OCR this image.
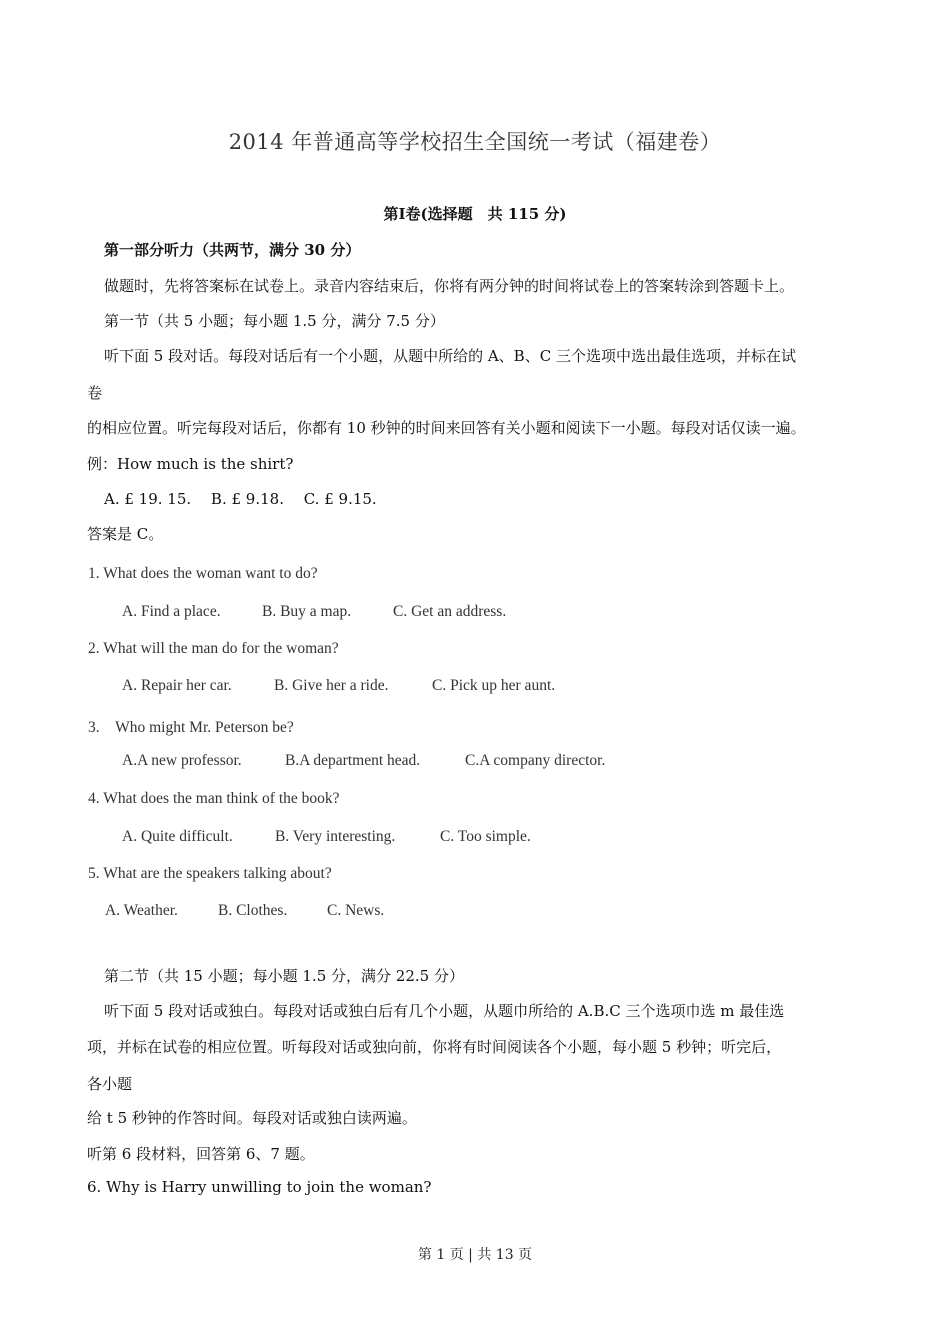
2014 年普通高等学校招生全国统一考试（福建卷）
第Ⅰ卷(选择题　共 115 分)
第一部分听力（共两节，满分 30 分）
做题时，先将答案标在试卷上。录音内容结束后，你将有两分钟的时间将试卷上的答案转涂到答题卡上。
第一节（共 5 小题；每小题 1.5 分，满分 7.5 分）
听下面 5 段对话。每段对话后有一个小题，从题中所给的 A、B、C 三个选项中选出最佳选项，并标在试
卷
的相应位置。听完每段对话后，你都有 10 秒钟的时间来回答有关小题和阅读下一小题。每段对话仅读一遍。
例：How much is the shirt?
A. £ 19. 15.　 B. £ 9.18.　 C. £ 9.15.
答案是 C。
1. What does the woman want to do?
A. Find a place.	B. Buy a map.	C. Get an address.
2. What will the man do for the woman?
A. Repair her car.	B. Give her a ride.	C. Pick up her aunt.
3.　Who might Mr. Peterson be?
A.A new professor.	B.A department head.	C.A company director.
4. What does the man think of the book?
A. Quite difficult.	B. Very interesting.	C. Too simple.
5. What are the speakers talking about?
A. Weather.	B. Clothes.	C. News.
第二节（共 15 小题；每小题 1.5 分，满分 22.5 分）
听下面 5 段对话或独白。每段对话或独白后有几个小题，从题巾所给的 A.B.C 三个选项巾选 m 最佳选
项，并标在试卷的相应位置。听每段对话或独向前，你将有时间阅读各个小题，每小题 5 秒钟；听完后，
各小题
给 t 5 秒钟的作答时间。每段对话或独白读两遍。
听第 6 段材料，回答第 6、7 题。
6. Why is Harry unwilling to join the woman?
第 1 页 | 共 13 页
